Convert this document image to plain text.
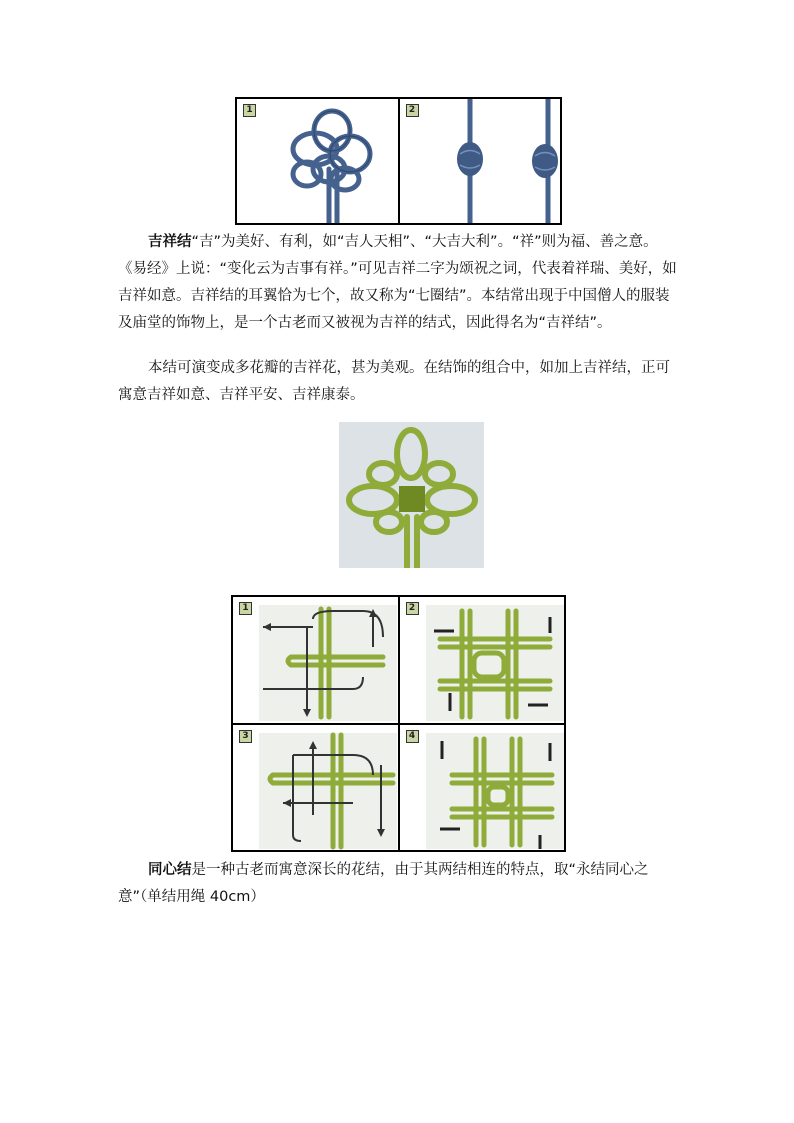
1	2

吉祥结“吉”为美好、有利，如“吉人天相”、“大吉大利”。“祥”则为福、善之意。《易经》上说：“变化云为吉事有祥。”可见吉祥二字为颂祝之词，代表着祥瑞、美好，如吉祥如意。吉祥结的耳翼恰为七个，故又称为“七圈结”。本结常出现于中国僧人的服装及庙堂的饰物上，是一个古老而又被视为吉祥的结式，因此得名为“吉祥结”。

本结可演变成多花瓣的吉祥花，甚为美观。在结饰的组合中，如加上吉祥结，正可寓意吉祥如意、吉祥平安、吉祥康泰。

1	2
3	4

同心结是一种古老而寓意深长的花结，由于其两结相连的特点，取“永结同心之意”（单结用绳 40cm）
